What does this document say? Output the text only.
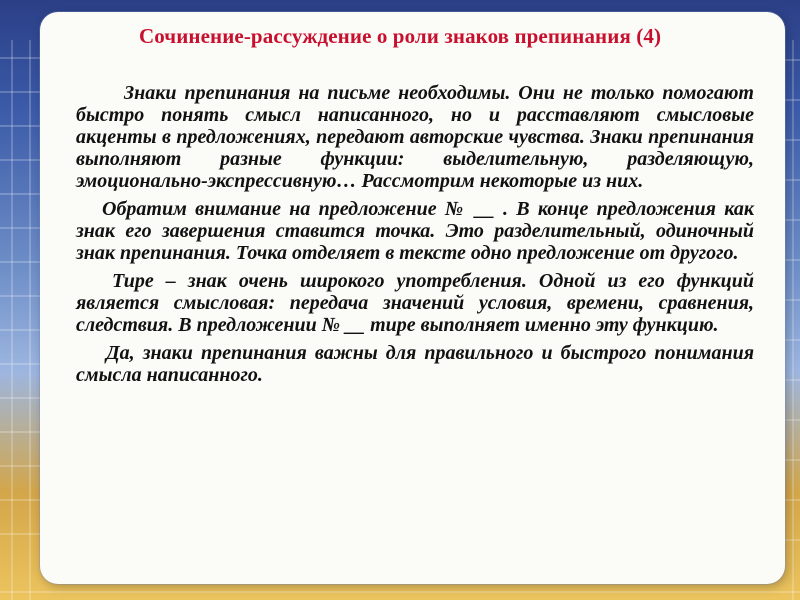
Сочинение-рассуждение о роли знаков препинания (4)

Знаки препинания на письме необходимы. Они не только помогают быстро понять смысл написанного, но и расставляют смысловые акценты в предложениях, передают авторские чувства. Знаки препинания выполняют разные функции: выделительную, разделяющую, эмоционально-экспрессивную… Рассмотрим некоторые из них.

Обратим внимание на предложение № __ . В конце предложения как знак его завершения ставится точка. Это разделительный, одиночный знак препинания. Точка отделяет в тексте одно предложение от другого.

Тире – знак очень широкого употребления. Одной из его функций является смысловая: передача значений условия, времени, сравнения, следствия. В предложении № __ тире выполняет именно эту функцию.

Да, знаки препинания важны для правильного и быстрого понимания смысла написанного.
